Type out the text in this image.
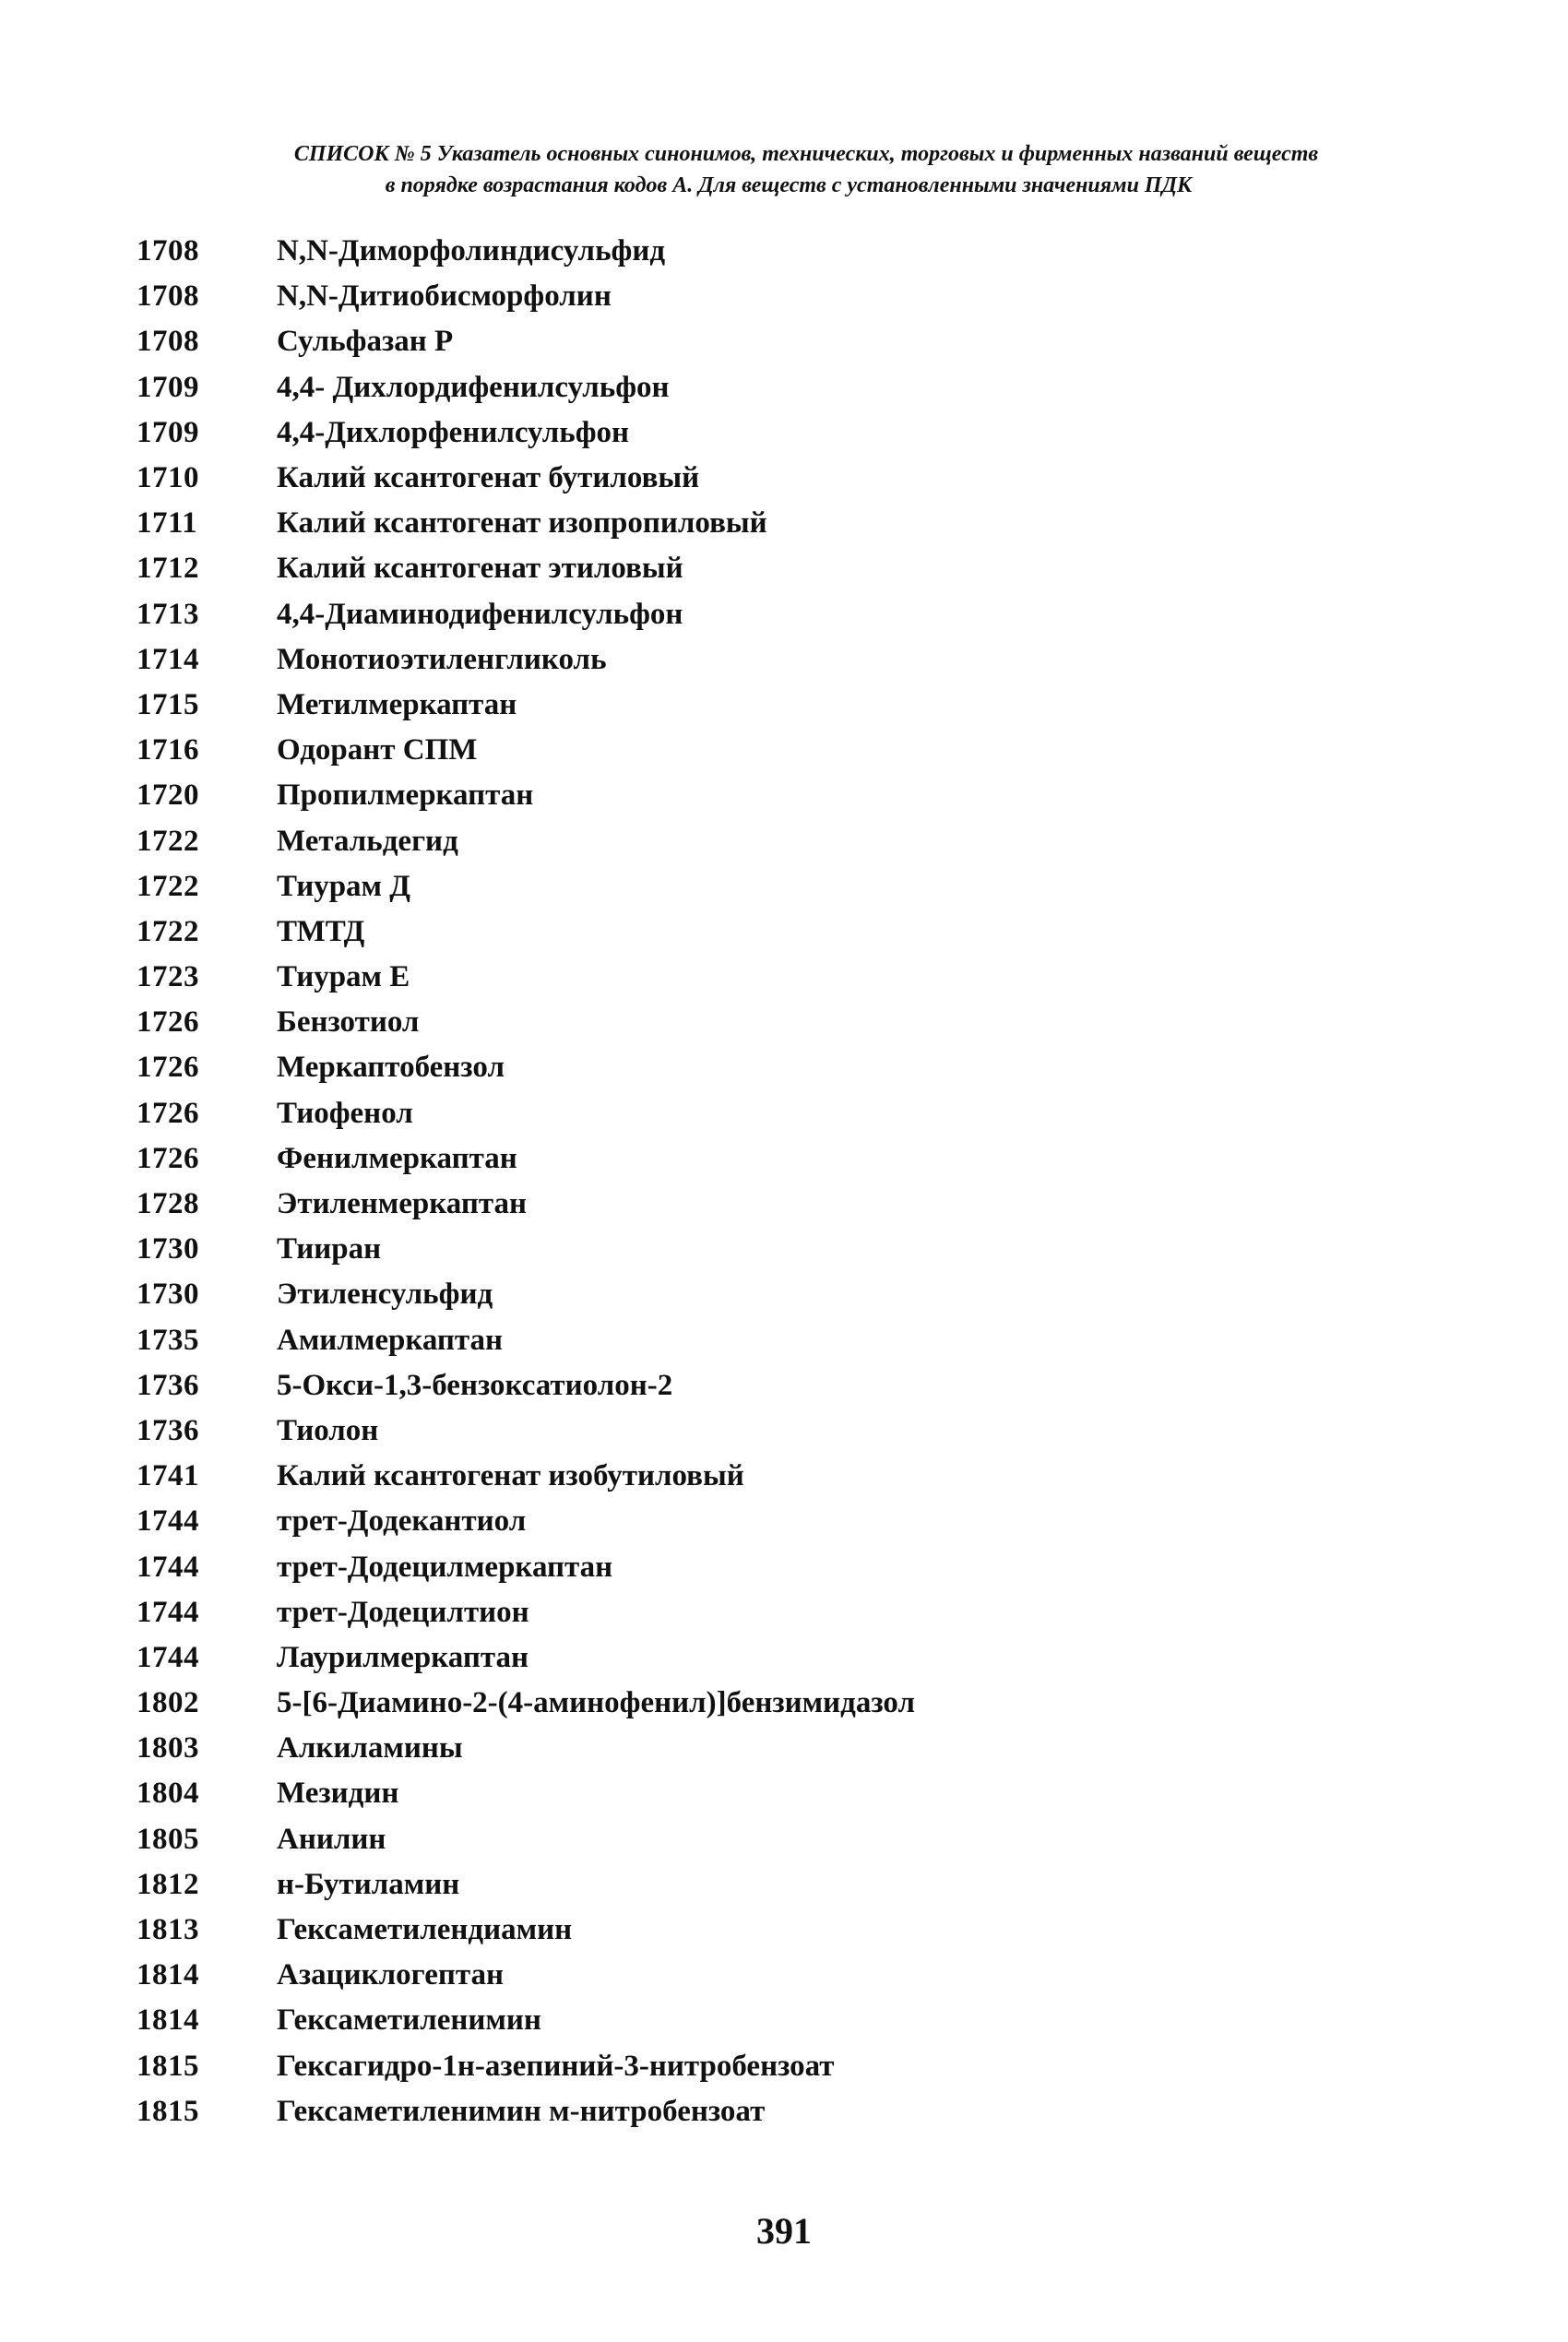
СПИСОК № 5 Указатель основных синонимов, технических, торговых и фирменных названий веществ
в порядке возрастания кодов А. Для веществ с установленными значениями ПДК
1708	N,N-Диморфолиндисульфид
1708	N,N-Дитиобисморфолин
1708	Сульфазан Р
1709	4,4- Дихлордифенилсульфон
1709	4,4-Дихлорфенилсульфон
1710	Калий ксантогенат бутиловый
1711	Калий ксантогенат изопропиловый
1712	Калий ксантогенат этиловый
1713	4,4-Диаминодифенилсульфон
1714	Монотиоэтиленгликоль
1715	Метилмеркаптан
1716	Одорант СПМ
1720	Пропилмеркаптан
1722	Метальдегид
1722	Тиурам Д
1722	ТМТД
1723	Тиурам Е
1726	Бензотиол
1726	Меркаптобензол
1726	Тиофенол
1726	Фенилмеркаптан
1728	Этиленмеркаптан
1730	Тииран
1730	Этиленсульфид
1735	Амилмеркаптан
1736	5-Окси-1,3-бензоксатиолон-2
1736	Тиолон
1741	Калий ксантогенат изобутиловый
1744	трет-Додекантиол
1744	трет-Додецилмеркаптан
1744	трет-Додецилтион
1744	Лаурилмеркаптан
1802	5-[6-Диамино-2-(4-аминофенил)]бензимидазол
1803	Алкиламины
1804	Мезидин
1805	Анилин
1812	н-Бутиламин
1813	Гексаметилендиамин
1814	Азациклогептан
1814	Гексаметиленимин
1815	Гексагидро-1н-азепиний-3-нитробензоат
1815	Гексаметиленимин м-нитробензоат
391
